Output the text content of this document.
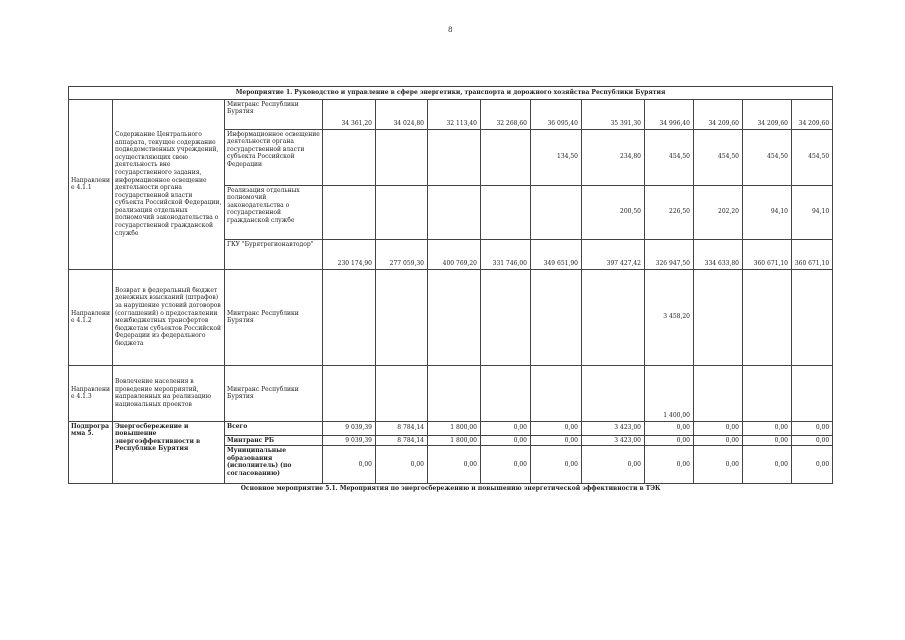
8
Мероприятие 1. Руководство и управление в сфере энергетики, транспорта и дорожного хозяйства Республики Бурятия												
Направлени е 4.1.1	Содержание Центрального аппарата, текущее содержание подведомственных учреждений, осуществляющих свою деятельность вне государственного задания, информационное освещение деятельности органа государственной власти субъекта Российской Федерации, реализация отдельных полномочий законодательства о государственной гражданской службе	Минтранс Республики Бурятия	34 361,20	34 024,80	32 113,40	32 268,60	36 095,40	35 391,30	34 996,40	34 209,60	34 209,60	34 209,60
		Информационное освещение деятельности органа государственной власти субъекта Российской Федерации					134,50	234,80	454,50	454,50	454,50	454,50
		Реализация отдельных полномочий законодательства о государственной гражданской службе						200,50	226,50	202,20	94,10	94,10
		ГКУ "Бурятрегионавтодор"	230 174,90	277 059,30	400 769,20	331 746,00	349 651,90	397 427,42	326 947,50	334 633,80	360 671,10	360 671,10
Направлени е 4.1.2	Возврат в федеральный бюджет денежных взысканий (штрафов) за нарушение условий договоров (соглашений) о предоставлении межбюджетных трансфертов бюджетам субъектов Российской Федерации из федерального бюджета	Минтранс Республики Бурятия							3 458,20			
Направлени е 4.1.3	Вовлечение населения в проведение мероприятий, направленных на реализацию национальных проектов	Минтранс Республики Бурятия							1 400,00			
Подпрогра мма 5.	Энергосбережение и повышение энергоэффективности в Республике Бурятия	Всего	9 039,39	8 784,14	1 800,00	0,00	0,00	3 423,00	0,00	0,00	0,00	0,00
		Минтранс РБ	9 039,39	8 784,14	1 800,00	0,00	0,00	3 423,00	0,00	0,00	0,00	0,00
		Муниципальные образования (исполнитель) (по согласованию)	0,00	0,00	0,00	0,00	0,00	0,00	0,00	0,00	0,00	0,00
Основное мероприятие 5.1. Мероприятия по энергосбережению и повышению энергетической эффективности в ТЭК												
